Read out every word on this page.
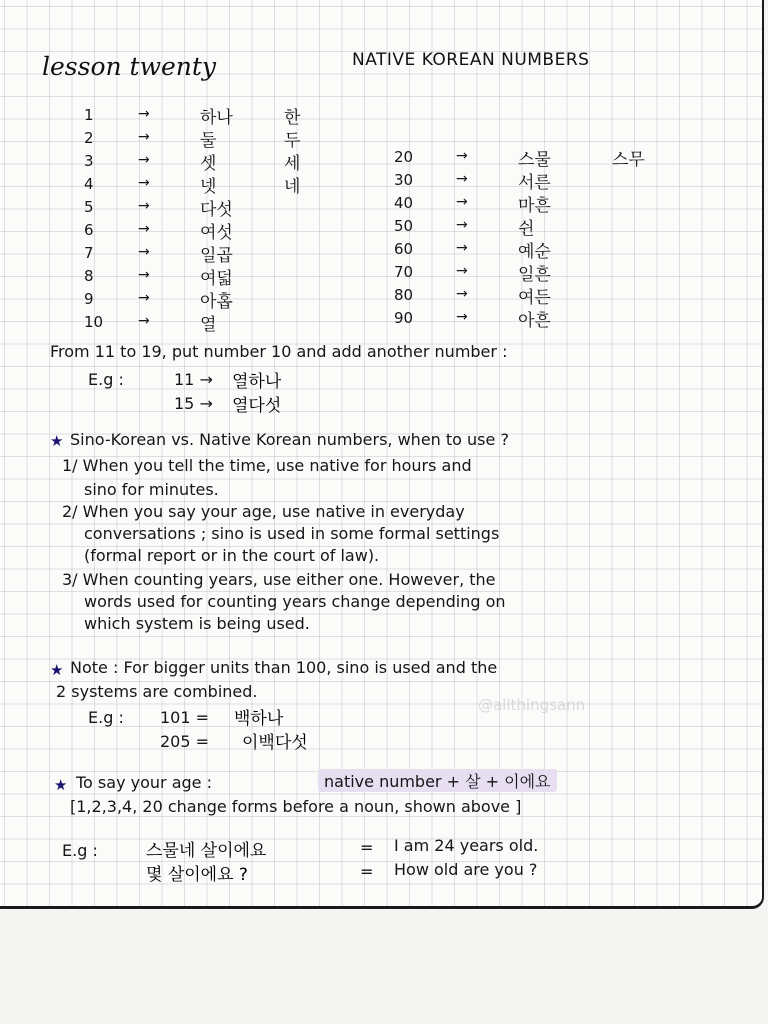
lesson twenty	NATIVE KOREAN NUMBERS
1	→	하나	한
2	→	둘	두
3	→	셋	세
4	→	넷	네
5	→	다섯
6	→	여섯
7	→	일곱
8	→	여덟
9	→	아홉
10 →	열
20	→	스물	스무
30	→	서른
40	→	마흔
50	→	쉰
60	→	예순
70	→	일흔
80	→	여든
90	→	아흔
From 11 to 19, put number 10 and add another number :
E.g :	11 → 열하나
15 → 열다섯
★ Sino-Korean vs. Native Korean numbers, when to use ?
1/ When you tell the time, use native for hours and
sino for minutes.
2/ When you say your age, use native in everyday
conversations ; sino is used in some formal settings
(formal report or in the court of law).
3/ When counting years, use either one. However, the
words used for counting years change depending on
which system is being used.
★ Note : For bigger units than 100, sino is used and the
2 systems are combined.
E.g : 101 = 백하나
205 = 이백다섯
@allthingsann
★ To say your age :	native number + 살 + 이에요
[1,2,3,4, 20 change forms before a noun, shown above ]
E.g :	스물네 살이에요	= I am 24 years old.
몇 살이에요 ?	= How old are you ?
